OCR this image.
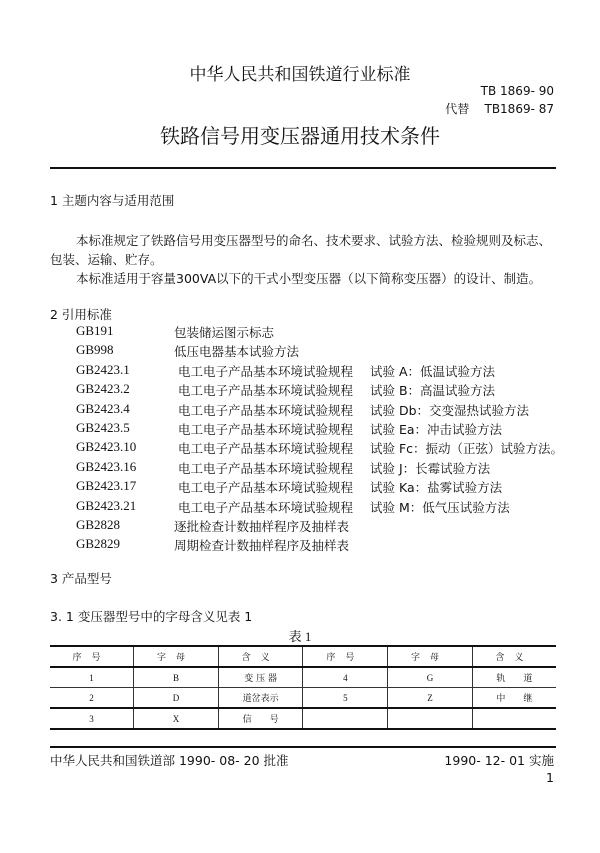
中华人民共和国铁道行业标准
TB 1869- 90
代替 TB1869- 87
铁路信号用变压器通用技术条件
1 主题内容与适用范围
本标准规定了铁路信号用变压器型号的命名、技术要求、试验方法、检验规则及标志、
包装、运输、贮存。
本标准适用于容量300VA以下的干式小型变压器（以下简称变压器）的设计、制造。
2 引用标准
GB191	包装储运图示标志
GB998	低压电器基本试验方法
GB2423.1	电工电子产品基本环境试验规程 试验 A：低温试验方法
GB2423.2	电工电子产品基本环境试验规程 试验 B：高温试验方法
GB2423.4	电工电子产品基本环境试验规程 试验 Db：交变湿热试验方法
GB2423.5	电工电子产品基本环境试验规程 试验 Ea：冲击试验方法
GB2423.10	电工电子产品基本环境试验规程 试验 Fc：振动（正弦）试验方法。
GB2423.16	电工电子产品基本环境试验规程 试验 J：长霉试验方法
GB2423.17	电工电子产品基本环境试验规程 试验 Ka：盐雾试验方法
GB2423.21	电工电子产品基本环境试验规程 试验 M：低气压试验方法
GB2828	逐批检查计数抽样程序及抽样表
GB2829	周期检查计数抽样程序及抽样表
3 产品型号
3. 1 变压器型号中的字母含义见表 1
表 1
序号	字母	含义	序号	字母	含义
1	B	变 压 器	4	G	轨　　道
2	D	道岔表示	5	Z	中　　继
3	X	信　　号			
中华人民共和国铁道部 1990- 08- 20 批准	1990- 12- 01 实施
1
